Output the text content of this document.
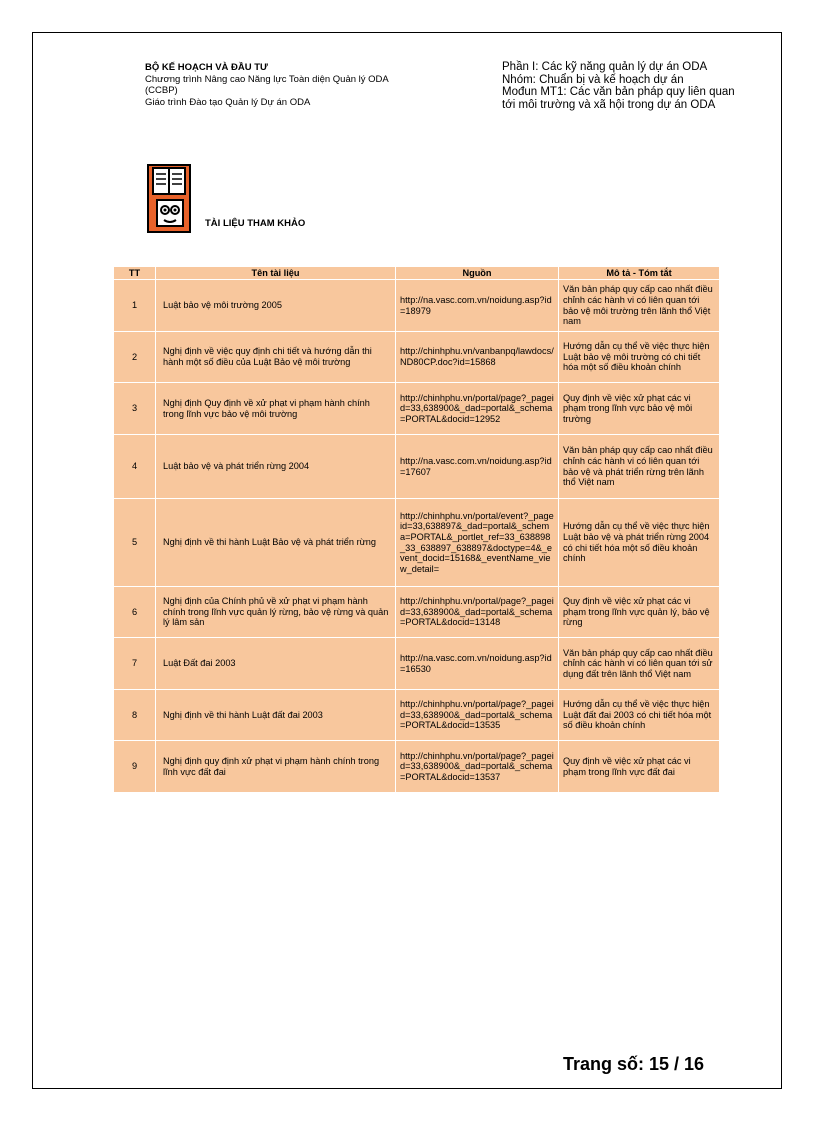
BỘ KẾ HOẠCH VÀ ĐẦU TƯ
Chương trình Nâng cao Năng lực Toàn diện Quản lý ODA
(CCBP)
Giáo trình Đào tạo Quản lý Dự án ODA
Phần I: Các kỹ năng quản lý dự án ODA
Nhóm: Chuẩn bị và kế hoạch dự án
Mođun MT1: Các văn bản pháp quy liên quan tới môi trường và xã hội trong dự án ODA
TÀI LIỆU THAM KHẢO
TT	Tên tài liệu	Nguồn	Mô tả - Tóm tắt
1	Luật bảo vệ môi trường 2005	http://na.vasc.com.vn/noidung.asp?id=18979	Văn bản pháp quy cấp cao nhất điều chỉnh các hành vi có liên quan tới bảo vệ môi trường trên lãnh thổ Việt nam
2	Nghị định về việc quy định chi tiết và hướng dẫn thi hành một số điều của Luật Bảo vệ môi trường	http://chinhphu.vn/vanbanpq/lawdocs/ND80CP.doc?id=15868	Hướng dẫn cụ thể về việc thực hiện Luật bảo vệ môi trường có chi tiết hóa một số điều khoản chính
3	Nghị định Quy định về xử phạt vi phạm hành chính trong lĩnh vực bảo vệ môi trường	http://chinhphu.vn/portal/page?_pageid=33,638900&_dad=portal&_schema=PORTAL&docid=12952	Quy định về việc xử phạt các vi phạm trong lĩnh vực bảo vệ môi trường
4	Luật bảo vệ và phát triển rừng 2004	http://na.vasc.com.vn/noidung.asp?id=17607	Văn bản pháp quy cấp cao nhất điều chỉnh các hành vi có liên quan tới bảo vệ và phát triển rừng trên lãnh thổ Việt nam
5	Nghị định về thi hành Luật Bảo vệ và phát triển rừng	http://chinhphu.vn/portal/event?_pageid=33,638897&_dad=portal&_schema=PORTAL&_portlet_ref=33_638898_33_638897_638897&doctype=4&_event_docid=15168&_eventName_view_detail=	Hướng dẫn cụ thể về việc thực hiện Luật bảo vệ và phát triển rừng 2004 có chi tiết hóa một số điều khoản chính
6	Nghị định của Chính phủ về xử phạt vi phạm hành chính trong lĩnh vực quản lý rừng, bảo vệ rừng và quản lý lâm sản	http://chinhphu.vn/portal/page?_pageid=33,638900&_dad=portal&_schema=PORTAL&docid=13148	Quy định về việc xử phạt các vi phạm trong lĩnh vực quản lý, bảo vệ rừng
7	Luật Đất đai 2003	http://na.vasc.com.vn/noidung.asp?id=16530	Văn bản pháp quy cấp cao nhất điều chỉnh các hành vi có liên quan tới sử dụng đất trên lãnh thổ Việt nam
8	Nghị định về thi hành Luật đất đai 2003	http://chinhphu.vn/portal/page?_pageid=33,638900&_dad=portal&_schema=PORTAL&docid=13535	Hướng dẫn cụ thể về việc thực hiện Luật đất đai 2003 có chi tiết hóa một số điều khoản chính
9	Nghị định quy định xử phạt vi phạm hành chính trong lĩnh vực đất đai	http://chinhphu.vn/portal/page?_pageid=33,638900&_dad=portal&_schema=PORTAL&docid=13537	Quy định về việc xử phạt các vi phạm trong lĩnh vực đất đai
Trang số: 15 / 16
